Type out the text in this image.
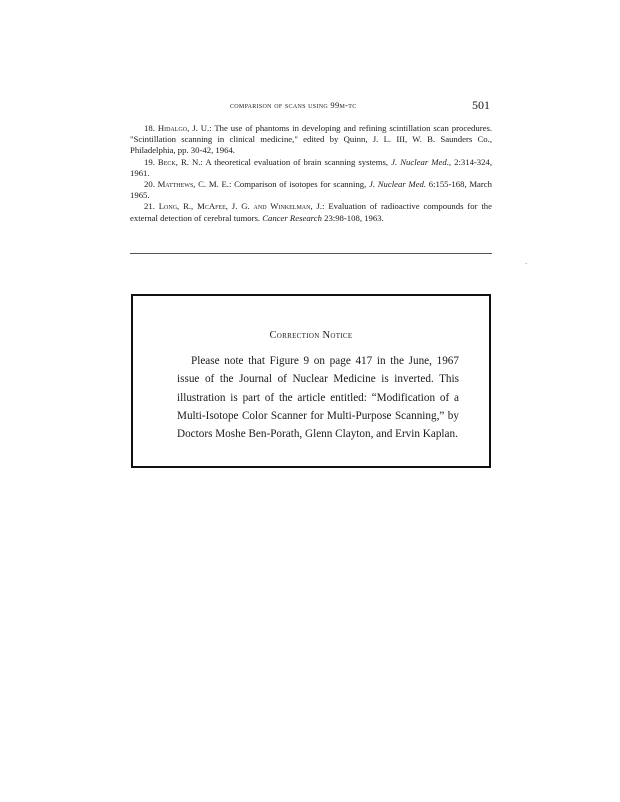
comparison of scans using 99m-tc	501

18. Hidalgo, J. U.: The use of phantoms in developing and refining scintillation scan procedures. "Scintillation scanning in clinical medicine," edited by Quinn, J. L. III, W. B. Saunders Co., Philadelphia, pp. 30-42, 1964.

19. Beck, R. N.: A theoretical evaluation of brain scanning systems, J. Nuclear Med., 2:314-324, 1961.

20. Matthews, C. M. E.: Comparison of isotopes for scanning, J. Nuclear Med. 6:155-168, March 1965.

21. Long, R., McAfee, J. G. and Winkelman, J.: Evaluation of radioactive compounds for the external detection of cerebral tumors. Cancer Research 23:98-108, 1963.

·
Correction Notice
Please note that Figure 9 on page 417 in the June, 1967 issue of the Journal of Nuclear Medicine is inverted. This illustration is part of the article entitled: “Modification of a Multi-Isotope Color Scanner for Multi-Purpose Scanning,” by Doctors Moshe Ben-Porath, Glenn Clayton, and Ervin Kaplan.
